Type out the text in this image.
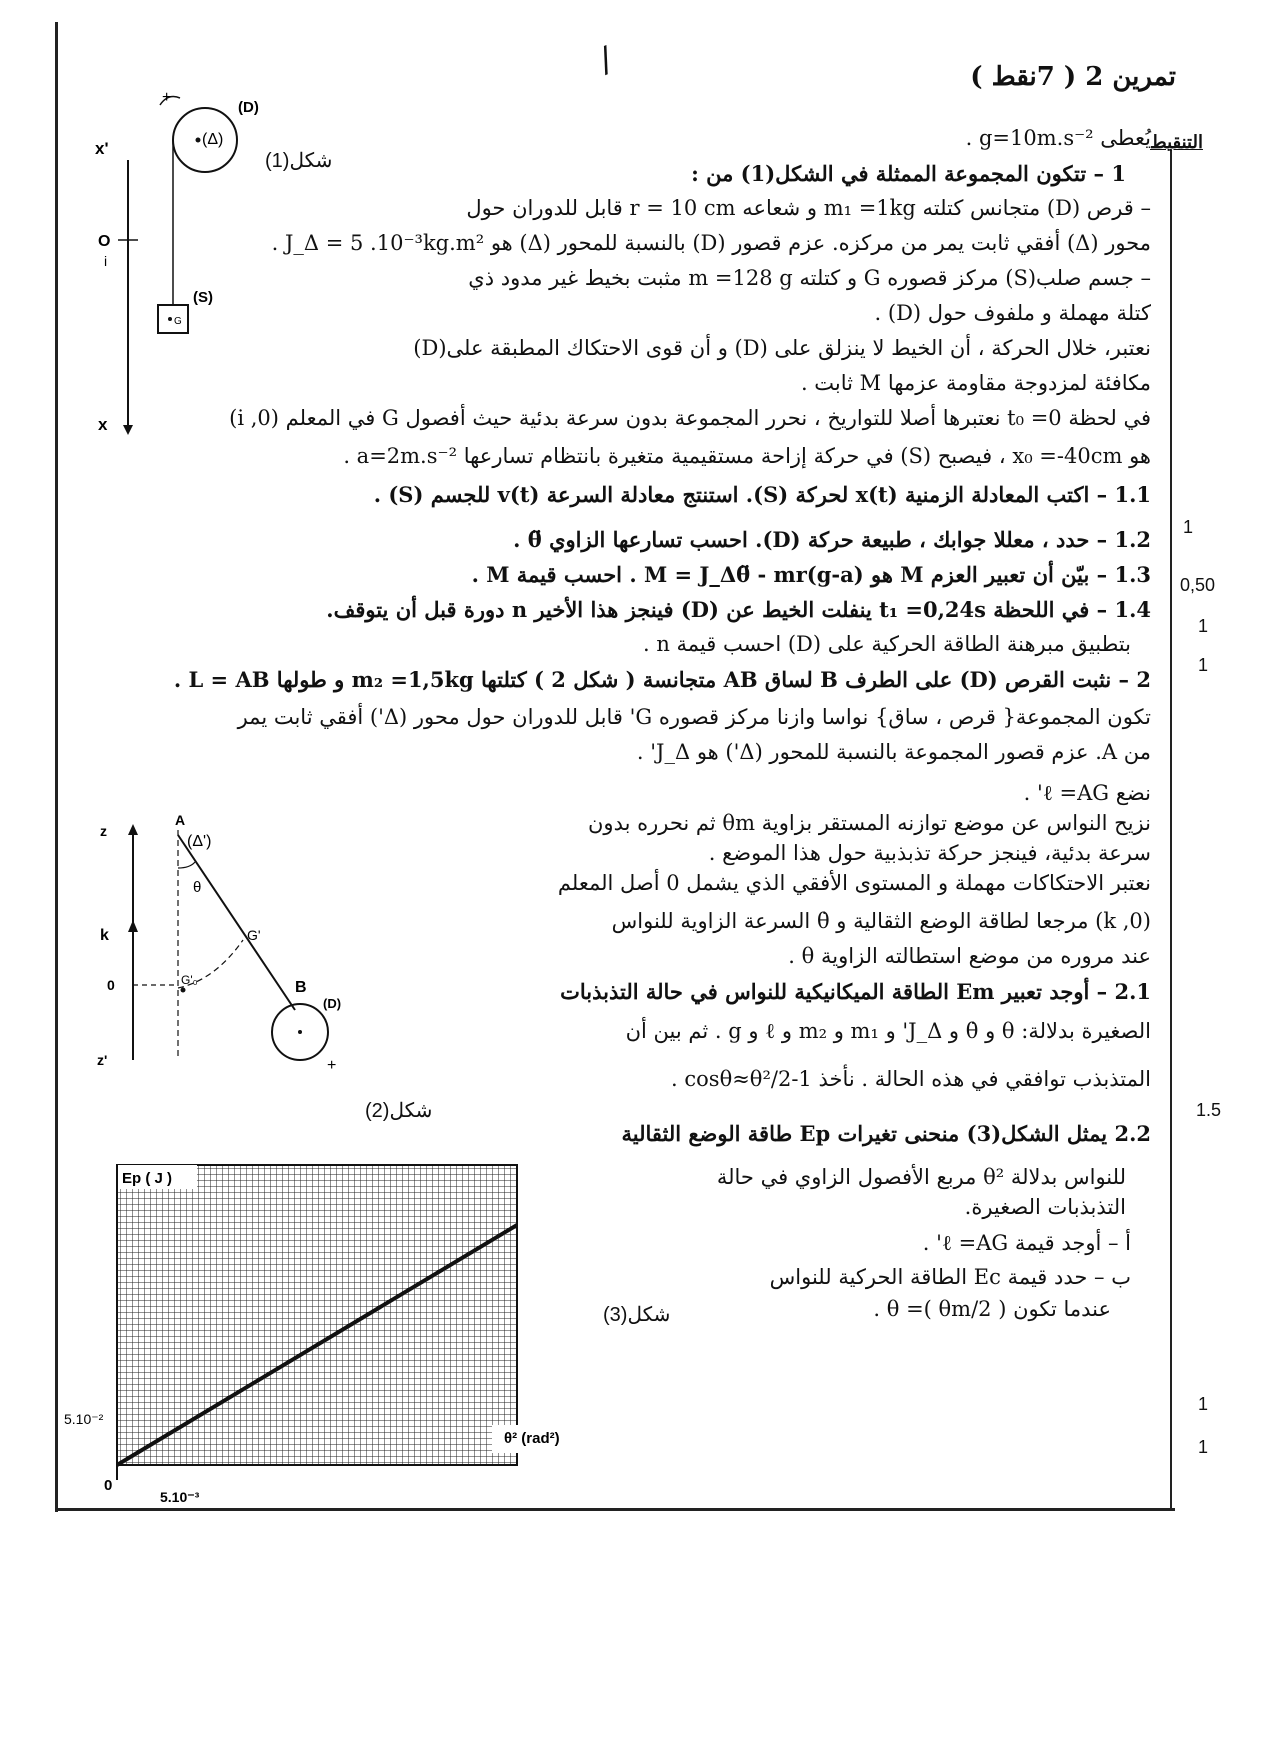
/	تمرين 2 ( 7نقط )
التنقيط
يُعطى g=10m.s⁻² .
1 – تتكون المجموعة الممثلة في الشكل(1) من :
– قرص (D) متجانس كتلته m₁ =1kg و شعاعه r = 10 cm قابل للدوران حول
محور (Δ) أفقي ثابت يمر من مركزه. عزم قصور (D) بالنسبة للمحور (Δ) هو J_Δ = 5 .10⁻³kg.m² .
– جسم صلب(S) مركز قصوره G و كتلته m =128 g مثبت بخيط غير مدود ذي
كتلة مهملة و ملفوف حول (D) .
نعتبر، خلال الحركة ، أن الخيط لا ينزلق على (D) و أن قوى الاحتكاك المطبقة على(D)
مكافئة لمزدوجة مقاومة عزمها M ثابت .
في لحظة t₀ =0 نعتبرها أصلا للتواريخ ، نحرر المجموعة بدون سرعة بدئية حيث أفصول G في المعلم (0, i)
هو x₀ =-40cm ، فيصبح (S) في حركة إزاحة مستقيمية متغيرة بانتظام تسارعها a=2m.s⁻² .
1.1 – اكتب المعادلة الزمنية x(t) لحركة (S). استنتج معادلة السرعة v(t) للجسم (S) .
1.2 – حدد ، معللا جوابك ، طبيعة حركة (D). احسب تسارعها الزاوي θ̈ .
1.3 – بيّن أن تعبير العزم M هو M = J_Δθ̈ - mr(g-a) . احسب قيمة M .
1.4 – في اللحظة t₁ =0,24s ينفلت الخيط عن (D) فينجز هذا الأخير n دورة قبل أن يتوقف.
بتطبيق مبرهنة الطاقة الحركية على (D) احسب قيمة n .
2 – نثبت القرص (D) على الطرف B لساق AB متجانسة ( شكل 2 ) كتلتها m₂ =1,5kg و طولها L = AB .
تكون المجموعة{ قرص ، ساق} نواسا وازنا مركز قصوره G' قابل للدوران حول محور (Δ') أفقي ثابت يمر
من A. عزم قصور المجموعة بالنسبة للمحور (Δ') هو J_Δ' .
نضع ℓ =AG' .
نزيح النواس عن موضع توازنه المستقر بزاوية θm ثم نحرره بدون
سرعة بدئية، فينجز حركة تذبذبية حول هذا الموضع .
نعتبر الاحتكاكات مهملة و المستوى الأفقي الذي يشمل 0 أصل المعلم
(0, k) مرجعا لطاقة الوضع الثقالية و θ̇ السرعة الزاوية للنواس
عند مروره من موضع استطالته الزاوية θ .
2.1 – أوجد تعبير Em الطاقة الميكانيكية للنواس في حالة التذبذبات
الصغيرة بدلالة: θ و θ̇ و J_Δ' و m₁ و m₂ و ℓ و g . ثم بين أن
المتذبذب توافقي في هذه الحالة . نأخذ 1-cosθ≈θ²/2 .
2.2 يمثل الشكل(3) منحنى تغيرات Ep طاقة الوضع الثقالية
للنواس بدلالة θ² مربع الأفصول الزاوي في حالة
التذبذبات الصغيرة.
أ – أوجد قيمة ℓ =AG' .
ب – حدد قيمة Ec الطاقة الحركية للنواس
عندما تكون ( θ =( θm/2 .
1
0,50
1
1
1.5
1
1
(Δ)
(D)
(S)
G
x'
x
O
i
+
شكل(1)
A
(Δ')
z
z'
k
0
θ
G'
G'₀	B
(D)
+
شكل(2)
Ep ( J )
θ² (rad²)
5.10⁻²
5.10⁻³
0
شكل(3)
